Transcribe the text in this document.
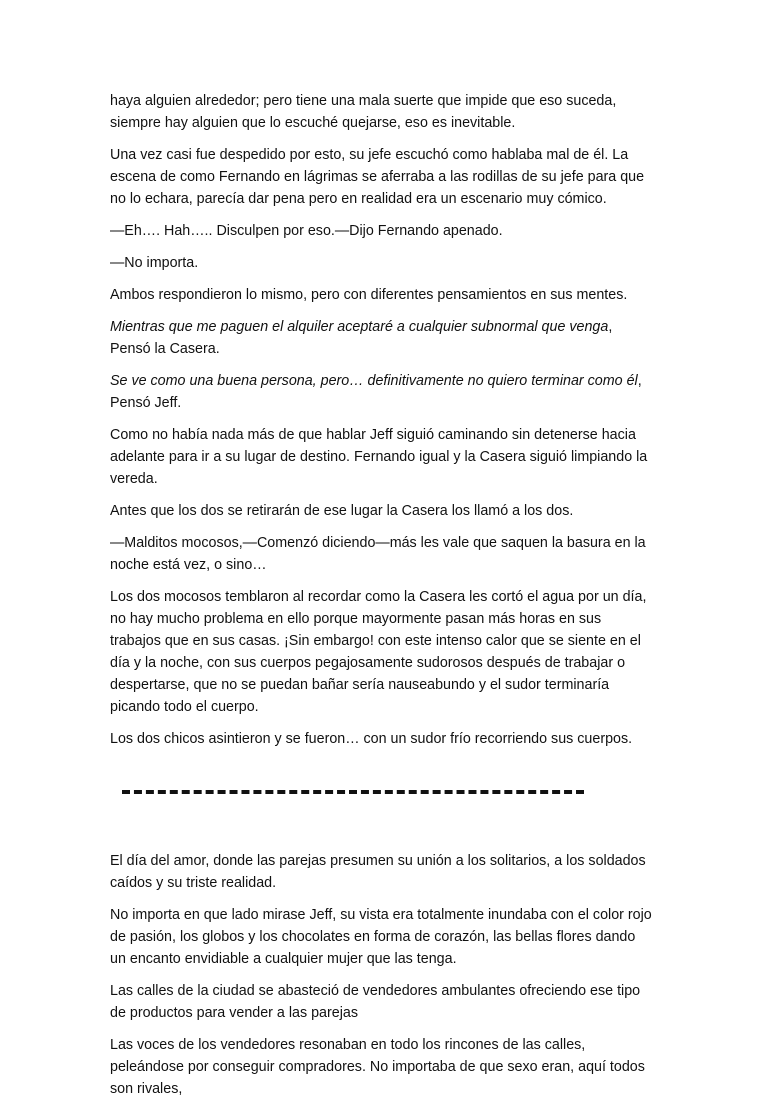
haya alguien alrededor; pero tiene una mala suerte que impide que eso suceda, siempre hay alguien que lo escuché quejarse, eso es inevitable.

Una vez casi fue despedido por esto, su jefe escuchó como hablaba mal de él. La escena de como Fernando en lágrimas se aferraba a las rodillas de su jefe para que no lo echara, parecía dar pena pero en realidad era un escenario muy cómico.

—Eh…. Hah….. Disculpen por eso.—Dijo Fernando apenado.

—No importa.

Ambos respondieron lo mismo, pero con diferentes pensamientos en sus mentes.

Mientras que me paguen el alquiler aceptaré a cualquier subnormal que venga, Pensó la Casera.

Se ve como una buena persona, pero… definitivamente no quiero terminar como él, Pensó Jeff.

Como no había nada más de que hablar Jeff siguió caminando sin detenerse hacia adelante para ir a su lugar de destino. Fernando igual y la Casera siguió limpiando la vereda.

Antes que los dos se retirarán de ese lugar la Casera los llamó a los dos.

—Malditos mocosos,—Comenzó diciendo—más les vale que saquen la basura en la noche está vez, o sino…

Los dos mocosos temblaron al recordar como la Casera les cortó el agua por un día, no hay mucho problema en ello porque mayormente pasan más horas en sus trabajos que en sus casas. ¡Sin embargo! con este intenso calor que se siente en el día y la noche, con sus cuerpos pegajosamente sudorosos después de trabajar o despertarse, que no se puedan bañar sería nauseabundo y el sudor terminaría picando todo el cuerpo.

Los dos chicos asintieron y se fueron… con un sudor frío recorriendo sus cuerpos.

El día del amor, donde las parejas presumen su unión a los solitarios, a los soldados caídos y su triste realidad.

No importa en que lado mirase Jeff, su vista era totalmente inundaba con el color rojo de pasión, los globos y los chocolates en forma de corazón, las bellas flores dando un encanto envidiable a cualquier mujer que las tenga.

Las calles de la ciudad se abasteció de vendedores ambulantes ofreciendo ese tipo de productos para vender a las parejas

Las voces de los vendedores resonaban en todo los rincones de las calles, peleándose por conseguir compradores. No importaba de que sexo eran, aquí todos son rivales,
